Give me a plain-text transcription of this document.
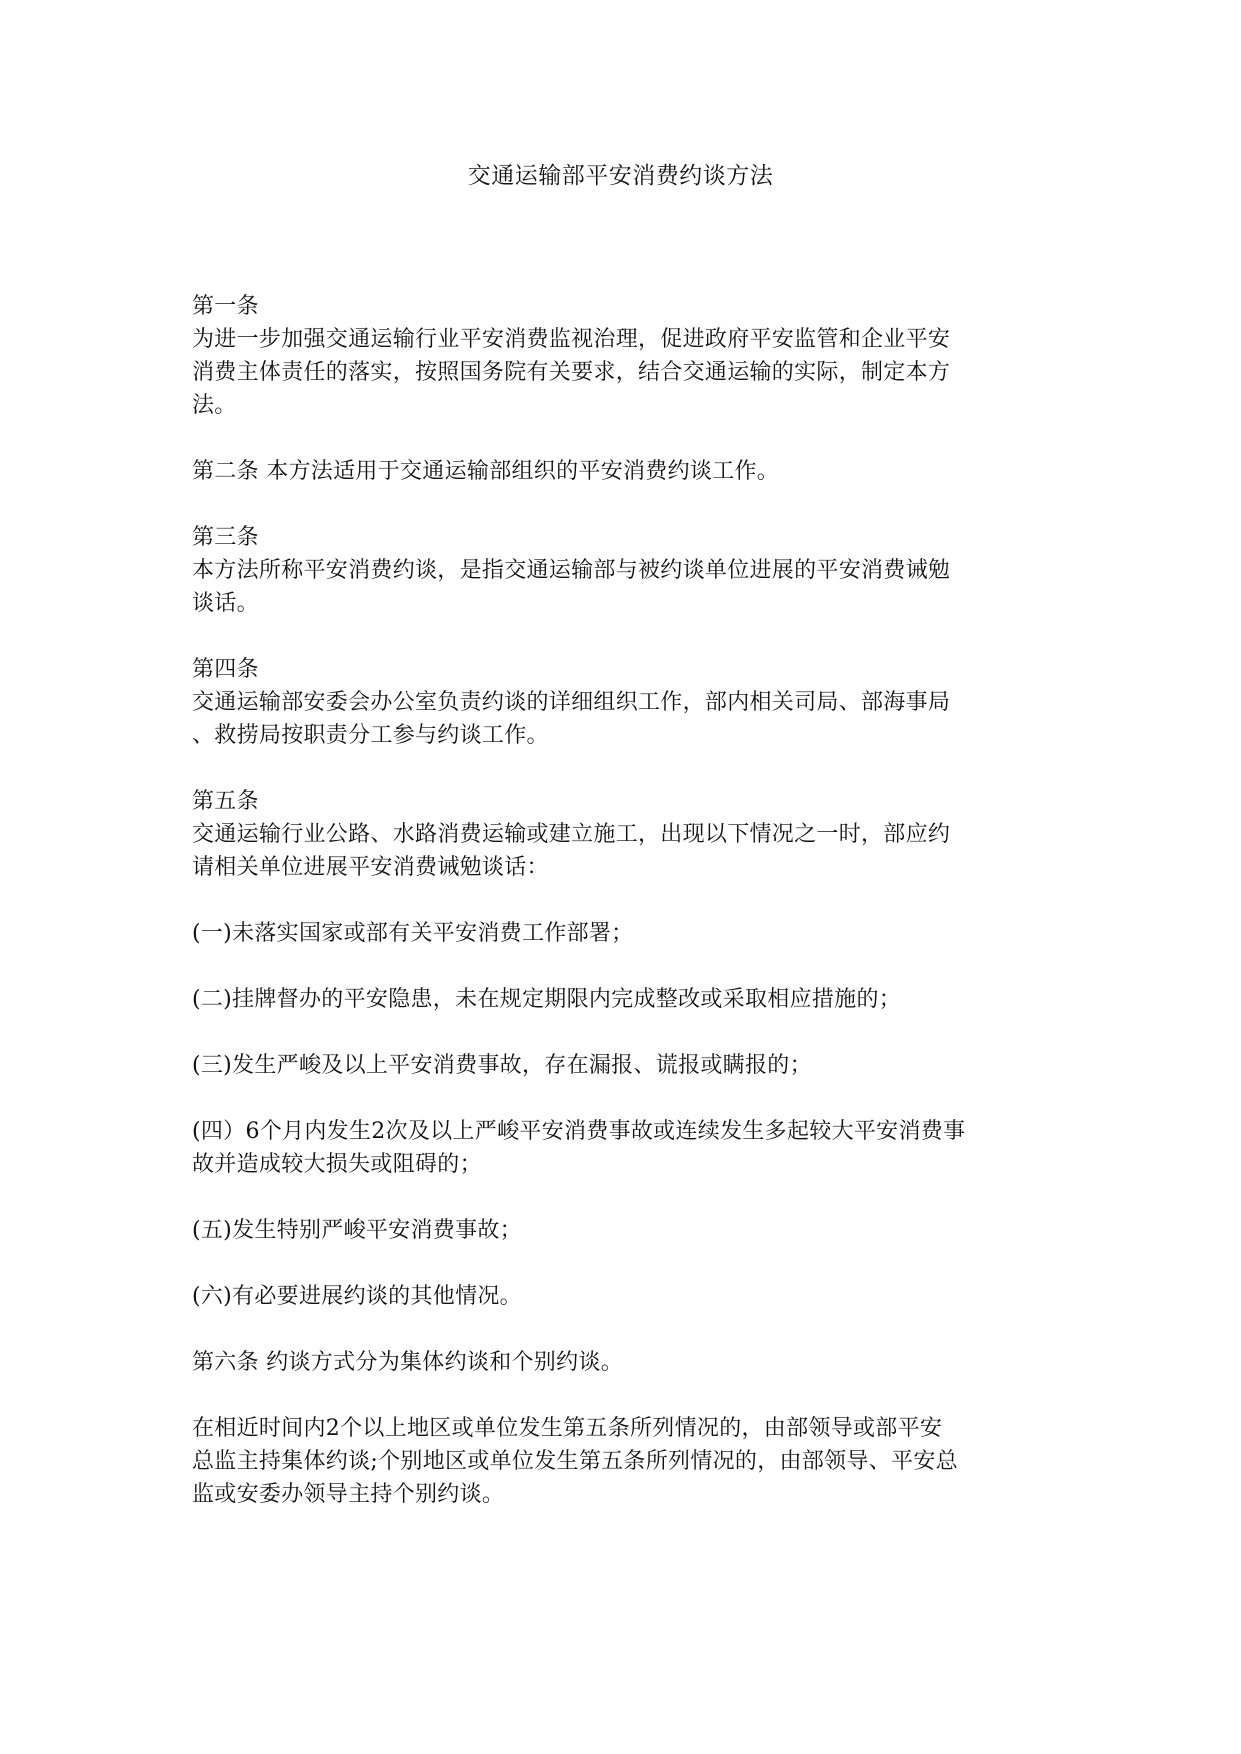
交通运输部平安消费约谈方法

第一条
为进一步加强交通运输行业平安消费监视治理，促进政府平安监管和企业平安
消费主体责任的落实，按照国务院有关要求，结合交通运输的实际，制定本方
法。

第二条 本方法适用于交通运输部组织的平安消费约谈工作。

第三条
本方法所称平安消费约谈，是指交通运输部与被约谈单位进展的平安消费诫勉
谈话。

第四条
交通运输部安委会办公室负责约谈的详细组织工作，部内相关司局、部海事局
、救捞局按职责分工参与约谈工作。

第五条
交通运输行业公路、水路消费运输或建立施工，出现以下情况之一时，部应约
请相关单位进展平安消费诫勉谈话：

(一)未落实国家或部有关平安消费工作部署；

(二)挂牌督办的平安隐患，未在规定期限内完成整改或采取相应措施的；

(三)发生严峻及以上平安消费事故，存在漏报、谎报或瞒报的；

(四）6个月内发生2次及以上严峻平安消费事故或连续发生多起较大平安消费事
故并造成较大损失或阻碍的；

(五)发生特别严峻平安消费事故；

(六)有必要进展约谈的其他情况。

第六条 约谈方式分为集体约谈和个别约谈。

在相近时间内2个以上地区或单位发生第五条所列情况的，由部领导或部平安
总监主持集体约谈;个别地区或单位发生第五条所列情况的，由部领导、平安总
监或安委办领导主持个别约谈。
